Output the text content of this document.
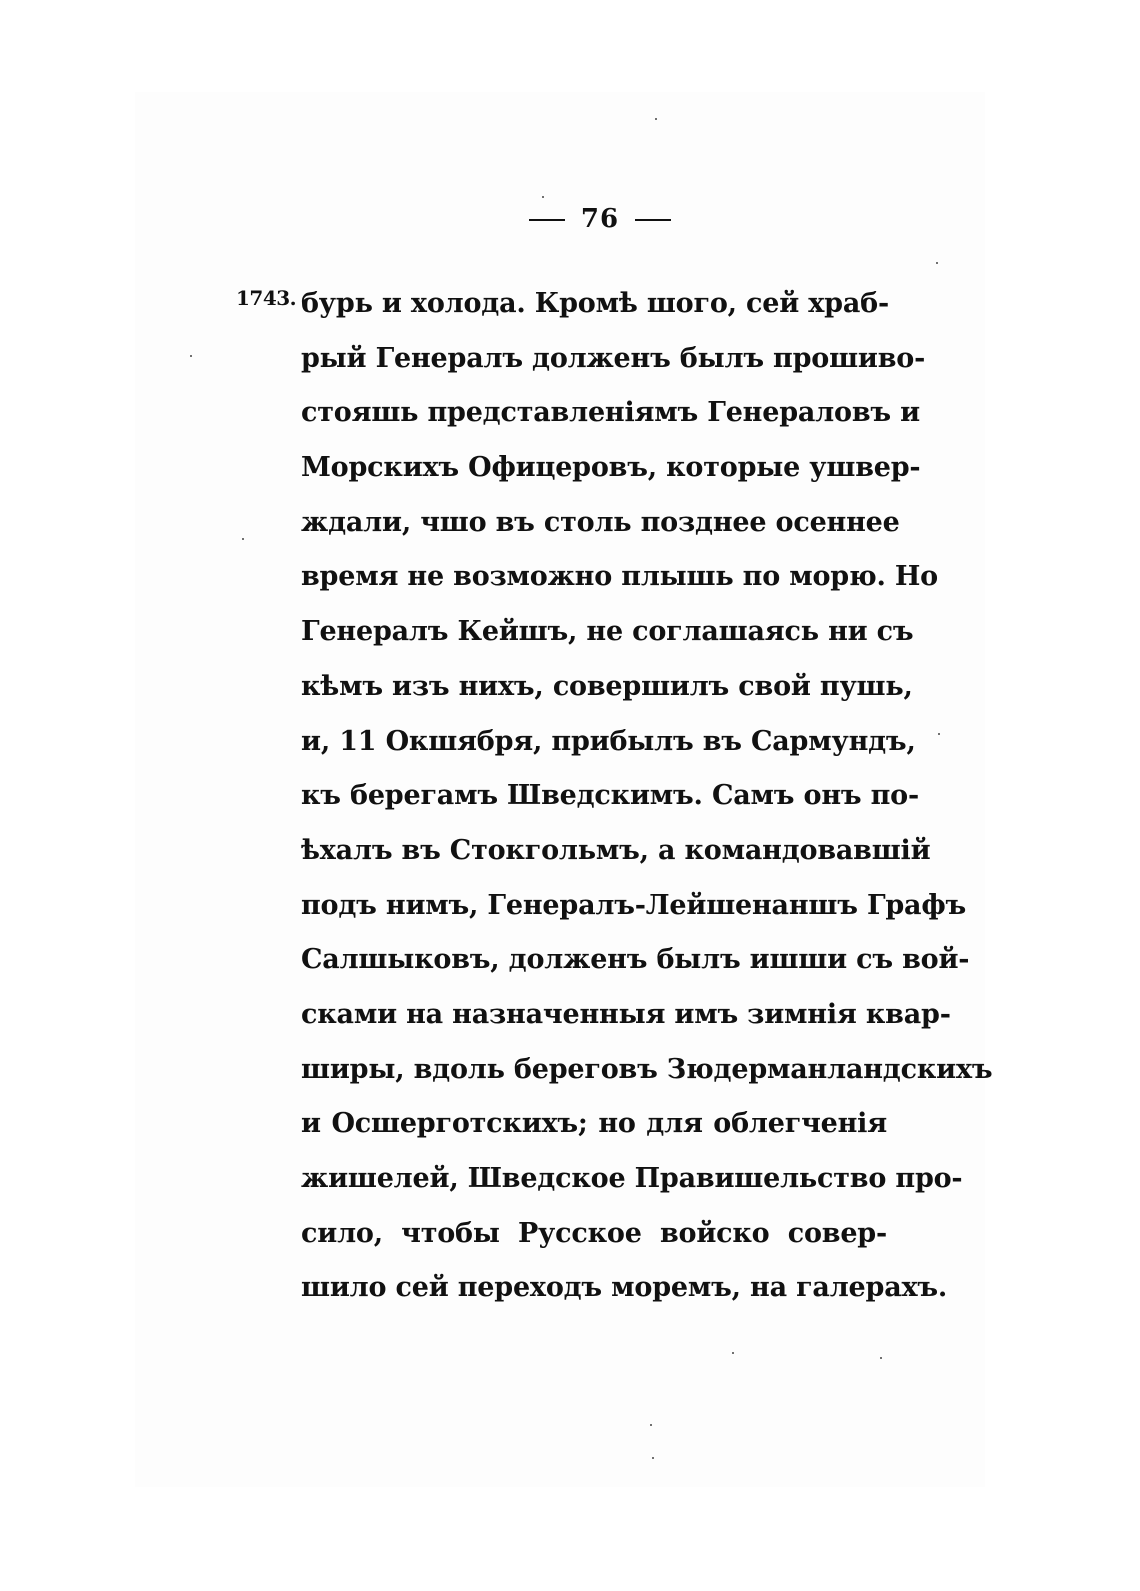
76
1743. бурь и холода. Кромѣ шого, сей храб-
рый Генералъ долженъ былъ прошиво-
стояшь представленiямъ Генераловъ и
Морскихъ Офицеровъ, которые ушвер-
ждали, чшо въ столь позднее осеннее
время не возможно плышь по морю. Но
Генералъ Кейшъ, не соглашаясь ни съ
кѣмъ изъ нихъ, совершилъ свой пушь,
и, 11 Окшября, прибылъ въ Сармундъ,
къ берегамъ Шведскимъ. Самъ онъ по-
ѣхалъ въ Стокгольмъ, а командовавшiй
подъ нимъ, Генералъ-Лейшенаншъ Графъ
Салшыковъ, долженъ былъ ишши съ вой-
сками на назначенныя имъ зимнiя квар-
ширы, вдоль береговъ Зюдерманландскихъ
и Осшерготскихъ; но для облегченiя
жишелей, Шведское Правишельство про-
сило, чтобы Русское войско совер-
шило сей переходъ моремъ, на галерахъ.
